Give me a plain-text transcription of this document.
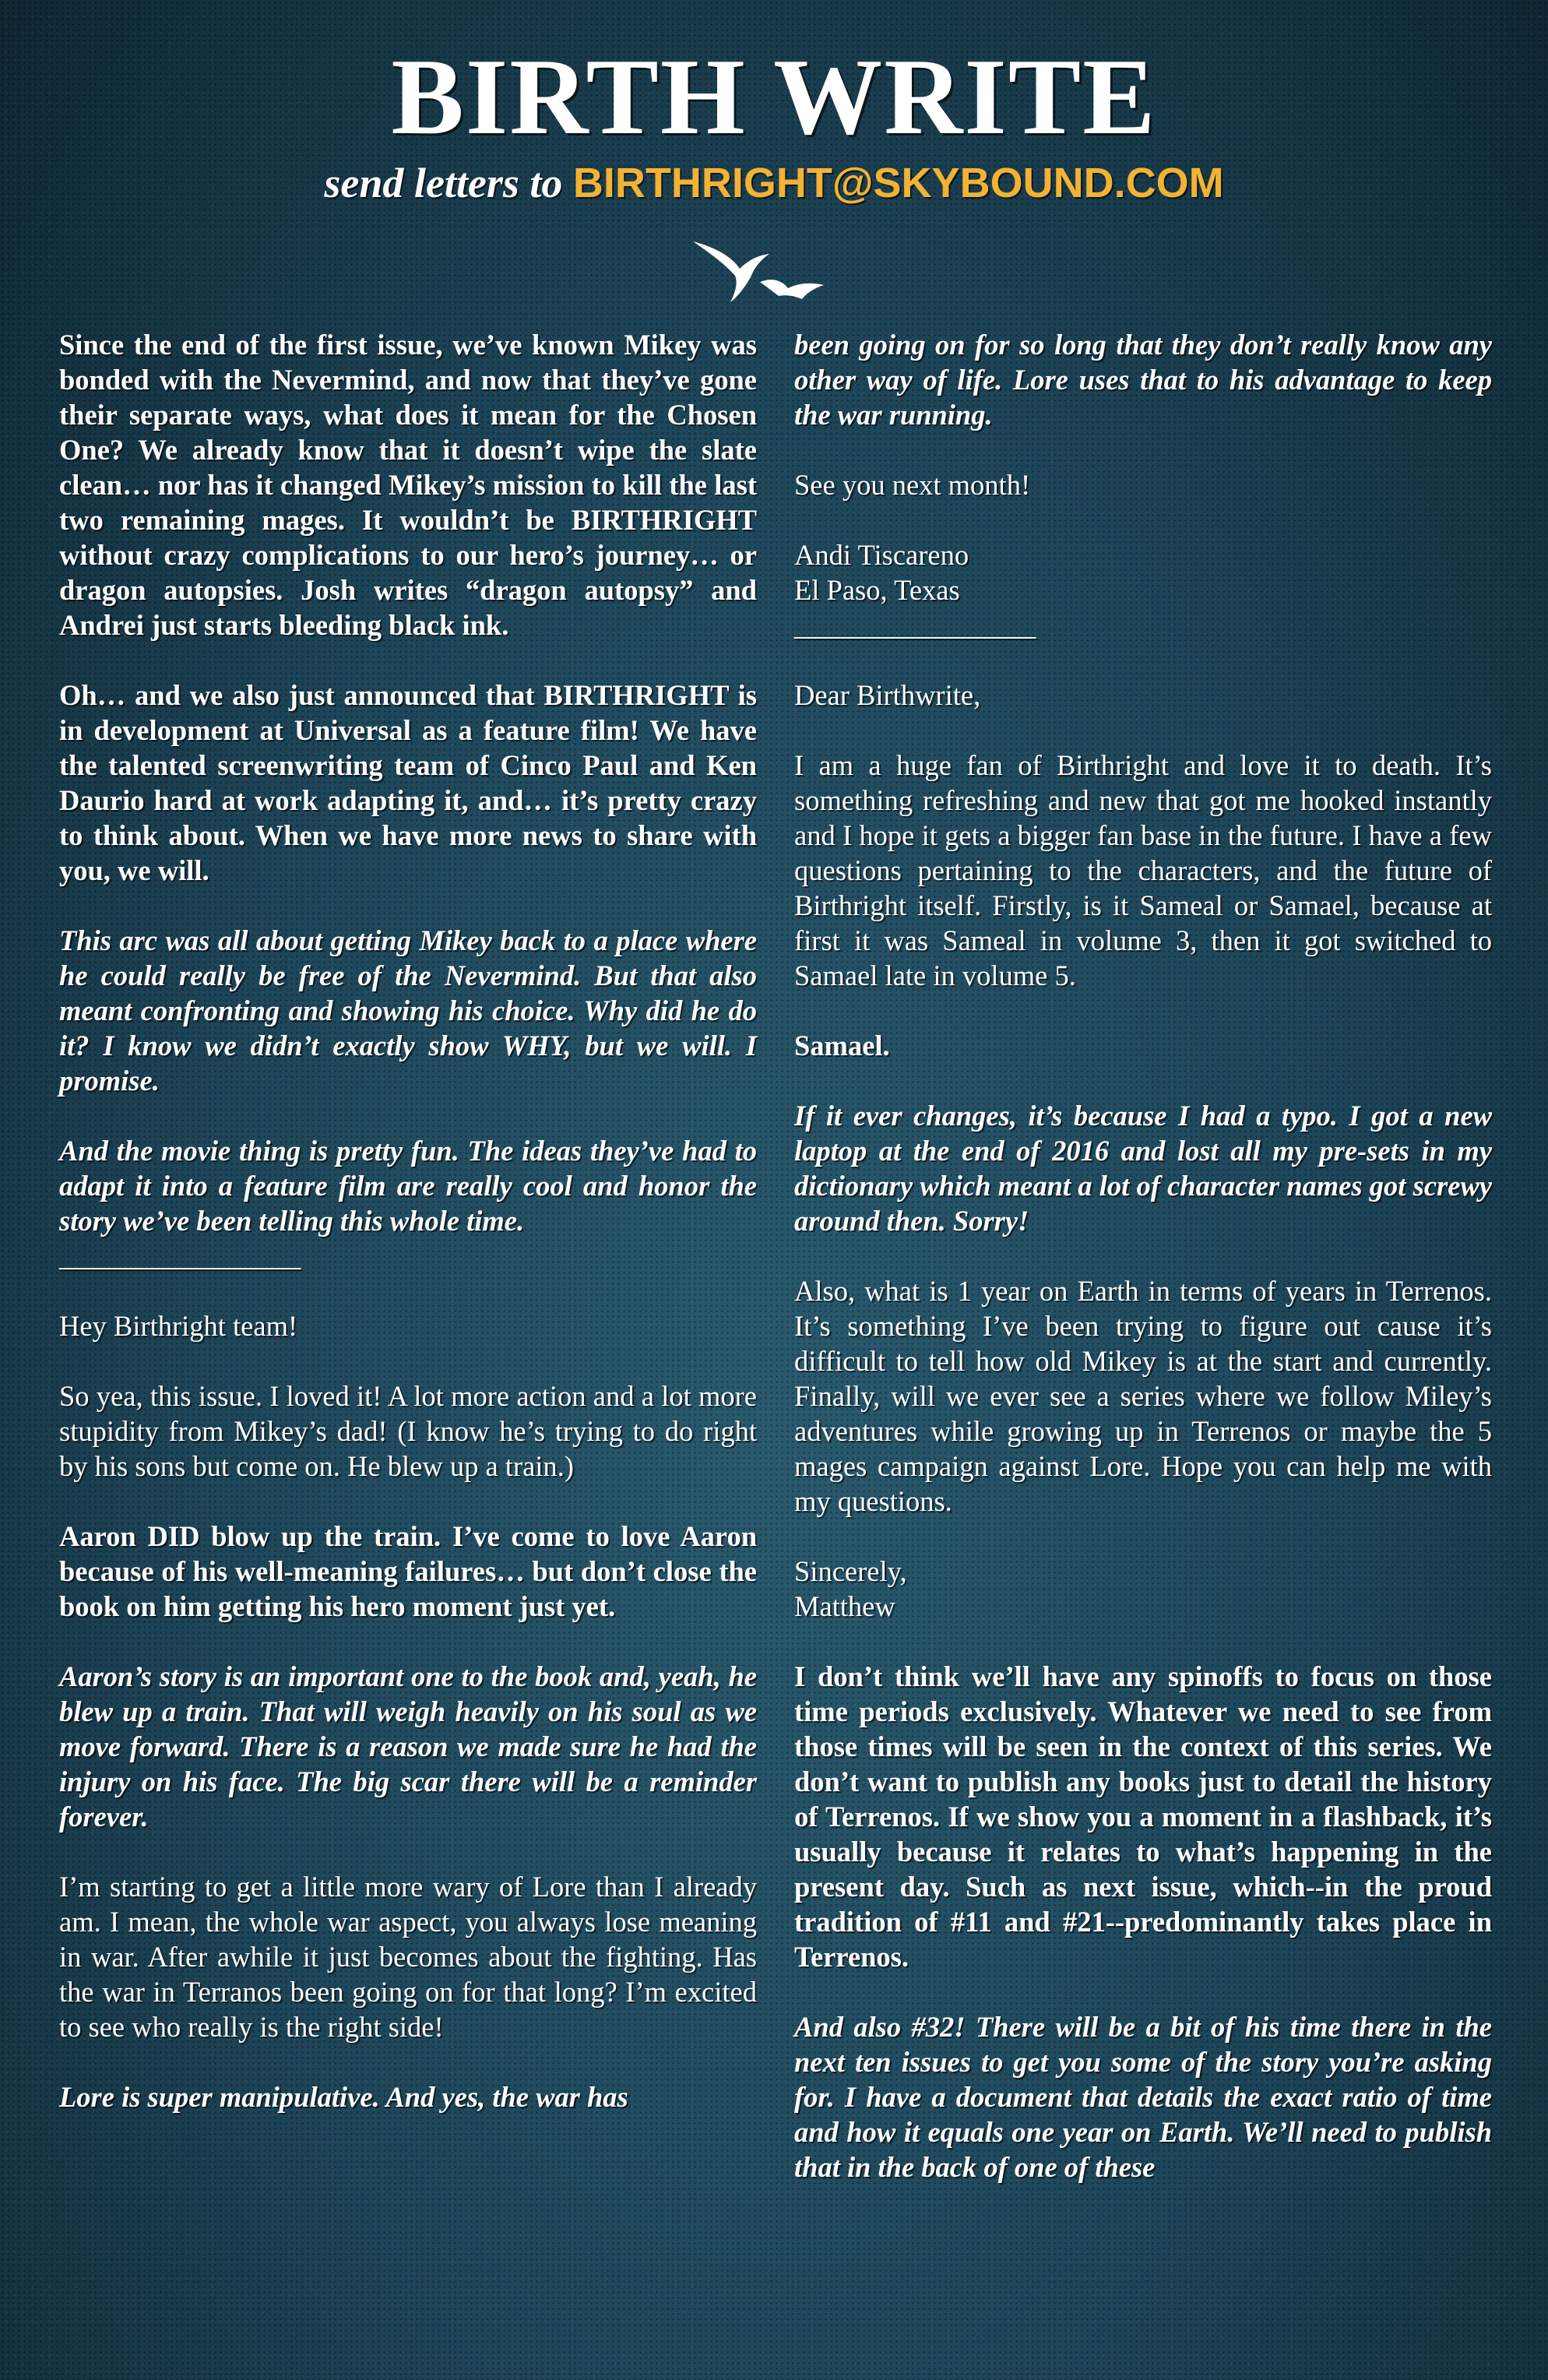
BIRTH WRITE
send letters to BIRTHRIGHT@SKYBOUND.COM

Since the end of the first issue, we’ve known Mikey was bonded with the Nevermind, and now that they’ve gone their separate ways, what does it mean for the Chosen One? We already know that it doesn’t wipe the slate clean… nor has it changed Mikey’s mission to kill the last two remaining mages. It wouldn’t be BIRTHRIGHT without crazy complications to our hero’s journey… or dragon autopsies. Josh writes “dragon autopsy” and Andrei just starts bleeding black ink.

Oh… and we also just announced that BIRTHRIGHT is in development at Universal as a feature film! We have the talented screenwriting team of Cinco Paul and Ken Daurio hard at work adapting it, and… it’s pretty crazy to think about. When we have more news to share with you, we will.

This arc was all about getting Mikey back to a place where he could really be free of the Nevermind. But that also meant confronting and showing his choice. Why did he do it? I know we didn’t exactly show WHY, but we will. I promise.

And the movie thing is pretty fun. The ideas they’ve had to adapt it into a feature film are really cool and honor the story we’ve been telling this whole time.

_________________

Hey Birthright team!

So yea, this issue. I loved it! A lot more action and a lot more stupidity from Mikey’s dad! (I know he’s trying to do right by his sons but come on. He blew up a train.)

Aaron DID blow up the train. I’ve come to love Aaron because of his well-meaning failures… but don’t close the book on him getting his hero moment just yet.

Aaron’s story is an important one to the book and, yeah, he blew up a train. That will weigh heavily on his soul as we move forward. There is a reason we made sure he had the injury on his face. The big scar there will be a reminder forever.

I’m starting to get a little more wary of Lore than I already am. I mean, the whole war aspect, you always lose meaning in war. After awhile it just becomes about the fighting. Has the war in Terranos been going on for that long? I’m excited to see who really is the right side!

Lore is super manipulative. And yes, the war has

been going on for so long that they don’t really know any other way of life. Lore uses that to his advantage to keep the war running.

See you next month!

Andi Tiscareno

El Paso, Texas

_________________

Dear Birthwrite,

I am a huge fan of Birthright and love it to death. It’s something refreshing and new that got me hooked instantly and I hope it gets a bigger fan base in the future. I have a few questions pertaining to the characters, and the future of Birthright itself. Firstly, is it Sameal or Samael, because at first it was Sameal in volume 3, then it got switched to Samael late in volume 5.

Samael.

If it ever changes, it’s because I had a typo. I got a new laptop at the end of 2016 and lost all my pre-sets in my dictionary which meant a lot of character names got screwy around then. Sorry!

Also, what is 1 year on Earth in terms of years in Terrenos. It’s something I’ve been trying to figure out cause it’s difficult to tell how old Mikey is at the start and currently. Finally, will we ever see a series where we follow Miley’s adventures while growing up in Terrenos or maybe the 5 mages campaign against Lore. Hope you can help me with my questions.

Sincerely,

Matthew

I don’t think we’ll have any spinoffs to focus on those time periods exclusively. Whatever we need to see from those times will be seen in the context of this series. We don’t want to publish any books just to detail the history of Terrenos. If we show you a moment in a flashback, it’s usually because it relates to what’s happening in the present day. Such as next issue, which--in the proud tradition of #11 and #21--predominantly takes place in Terrenos.

And also #32! There will be a bit of his time there in the next ten issues to get you some of the story you’re asking for. I have a document that details the exact ratio of time and how it equals one year on Earth. We’ll need to publish that in the back of one of these
